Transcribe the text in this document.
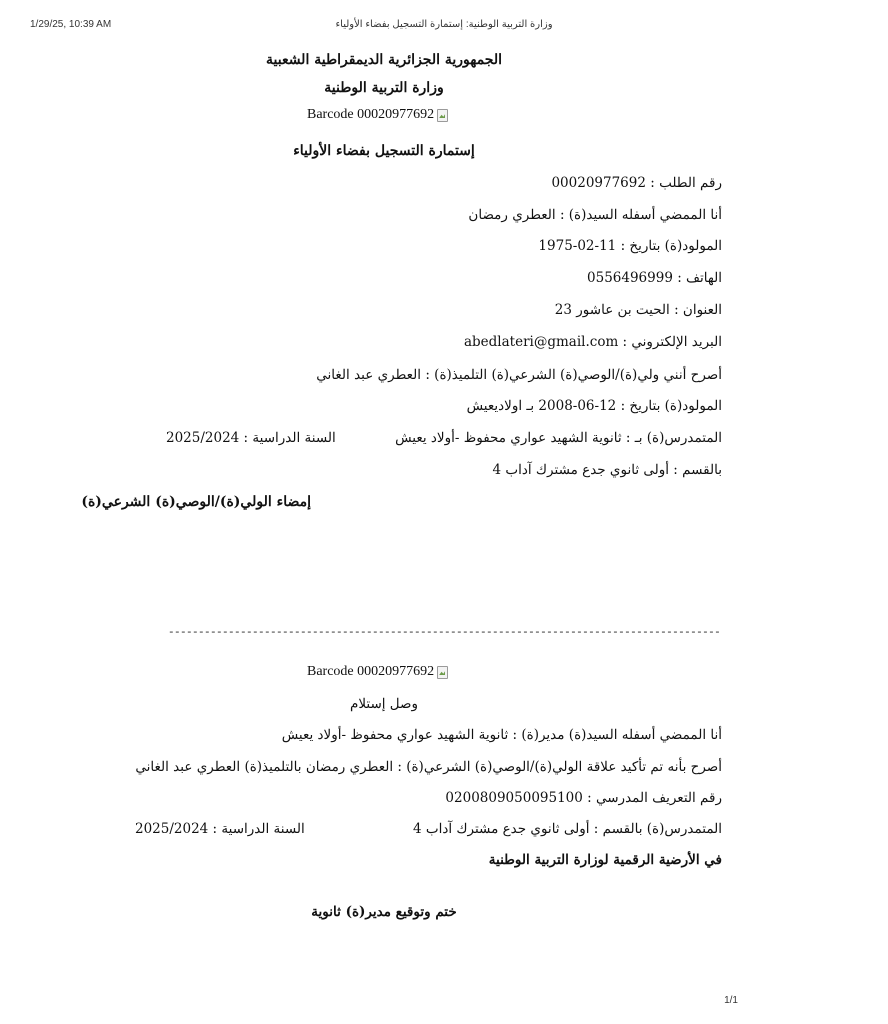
1/29/25, 10:39 AM	وزارة التربية الوطنية: إستمارة التسجيل بفضاء الأولياء
الجمهورية الجزائرية الديمقراطية الشعبية
وزارة التربية الوطنية
Barcode 00020977692
إستمارة التسجيل بفضاء الأولياء
رقم الطلب : 00020977692
أنا الممضي أسفله السيد(ة) : العطري رمضان
المولود(ة) بتاريخ : 11-02-1975
الهاتف : 0556496999
العنوان : الحيت بن عاشور 23
البريد الإلكتروني : abedlateri@gmail.com
أصرح أنني ولي(ة)/الوصي(ة) الشرعي(ة) التلميذ(ة) : العطري عبد الغاني
المولود(ة) بتاريخ : 12-06-2008 بـ اولاديعيش
المتمدرس(ة) بـ : ثانوية الشهيد عواري محفوظ -أولاد يعيش
السنة الدراسية : 2025/2024
بالقسم : أولى ثانوي جدع مشترك آداب 4
إمضاء الولي(ة)/الوصي(ة) الشرعي(ة)
--------------------------------------------------------------------------------------------
Barcode 00020977692
وصل إستلام
أنا الممضي أسفله السيد(ة) مدير(ة) : ثانوية الشهيد عواري محفوظ -أولاد يعيش
أصرح بأنه تم تأكيد علاقة الولي(ة)/الوصي(ة) الشرعي(ة) : العطري رمضان بالتلميذ(ة) العطري عبد الغاني
رقم التعريف المدرسي : 0200809050095100
المتمدرس(ة) بالقسم : أولى ثانوي جدع مشترك آداب 4
السنة الدراسية : 2025/2024
في الأرضية الرقمية لوزارة التربية الوطنية
ختم وتوقيع مدير(ة) ثانوية
1/1
